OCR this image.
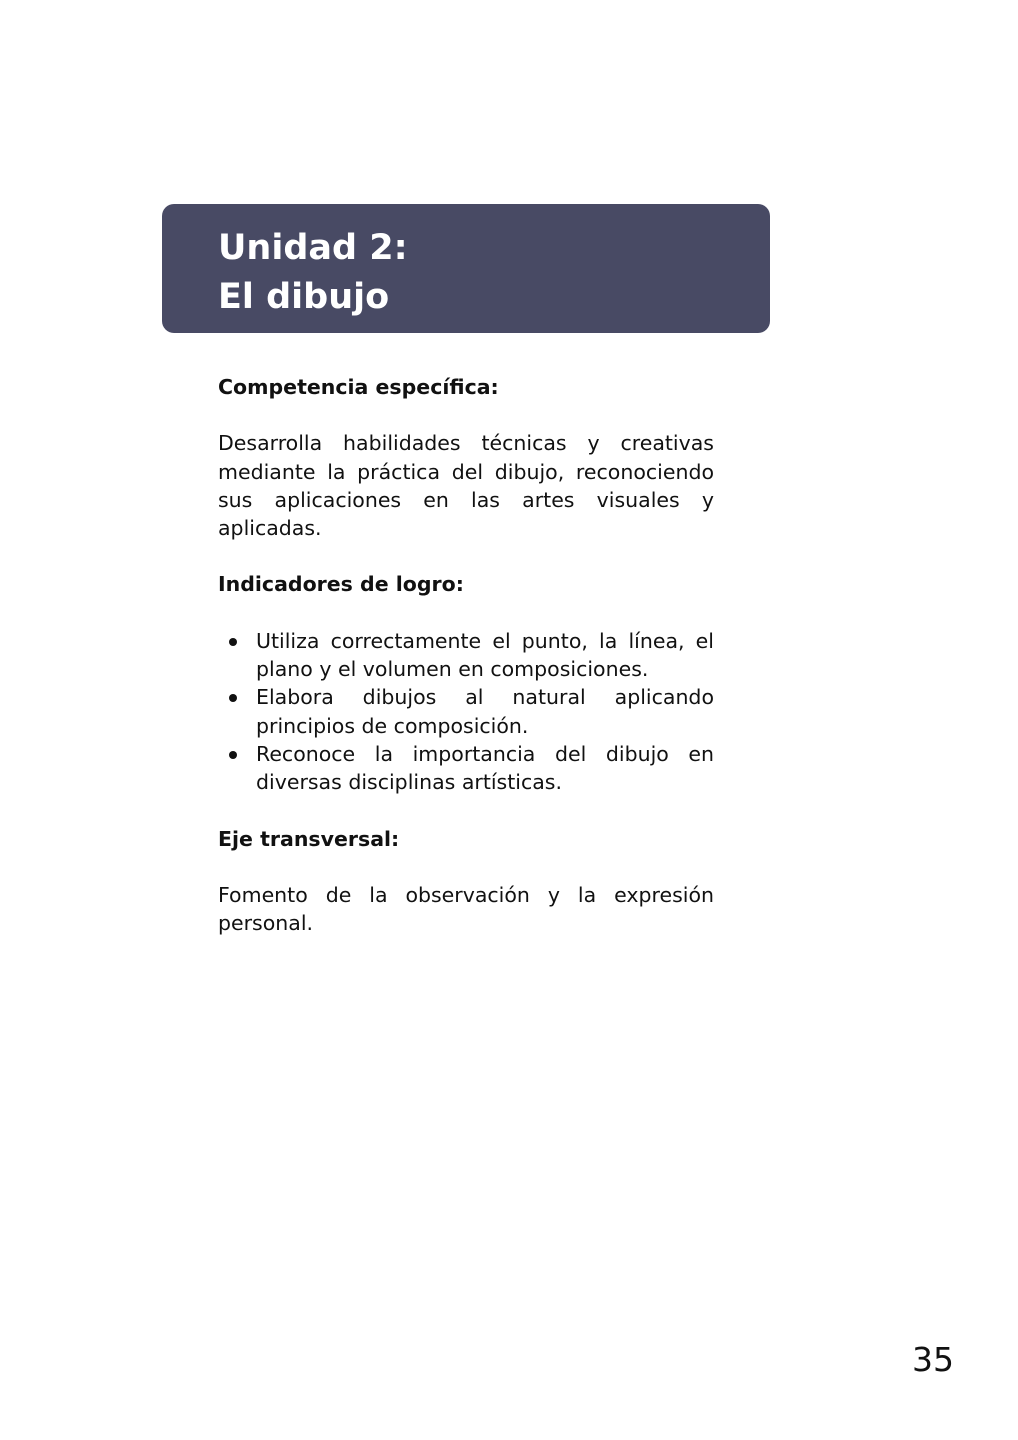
Unidad 2:
El dibujo

Competencia específica:

Desarrolla habilidades técnicas y creativas mediante la práctica del dibujo, reconociendo sus aplicaciones en las artes visuales y aplicadas.

Indicadores de logro:

Utiliza correctamente el punto, la línea, el plano y el volumen en composiciones.
Elabora dibujos al natural aplicando principios de composición.
Reconoce la importancia del dibujo en diversas disciplinas artísticas.

Eje transversal:

Fomento de la observación y la expresión personal.

35
